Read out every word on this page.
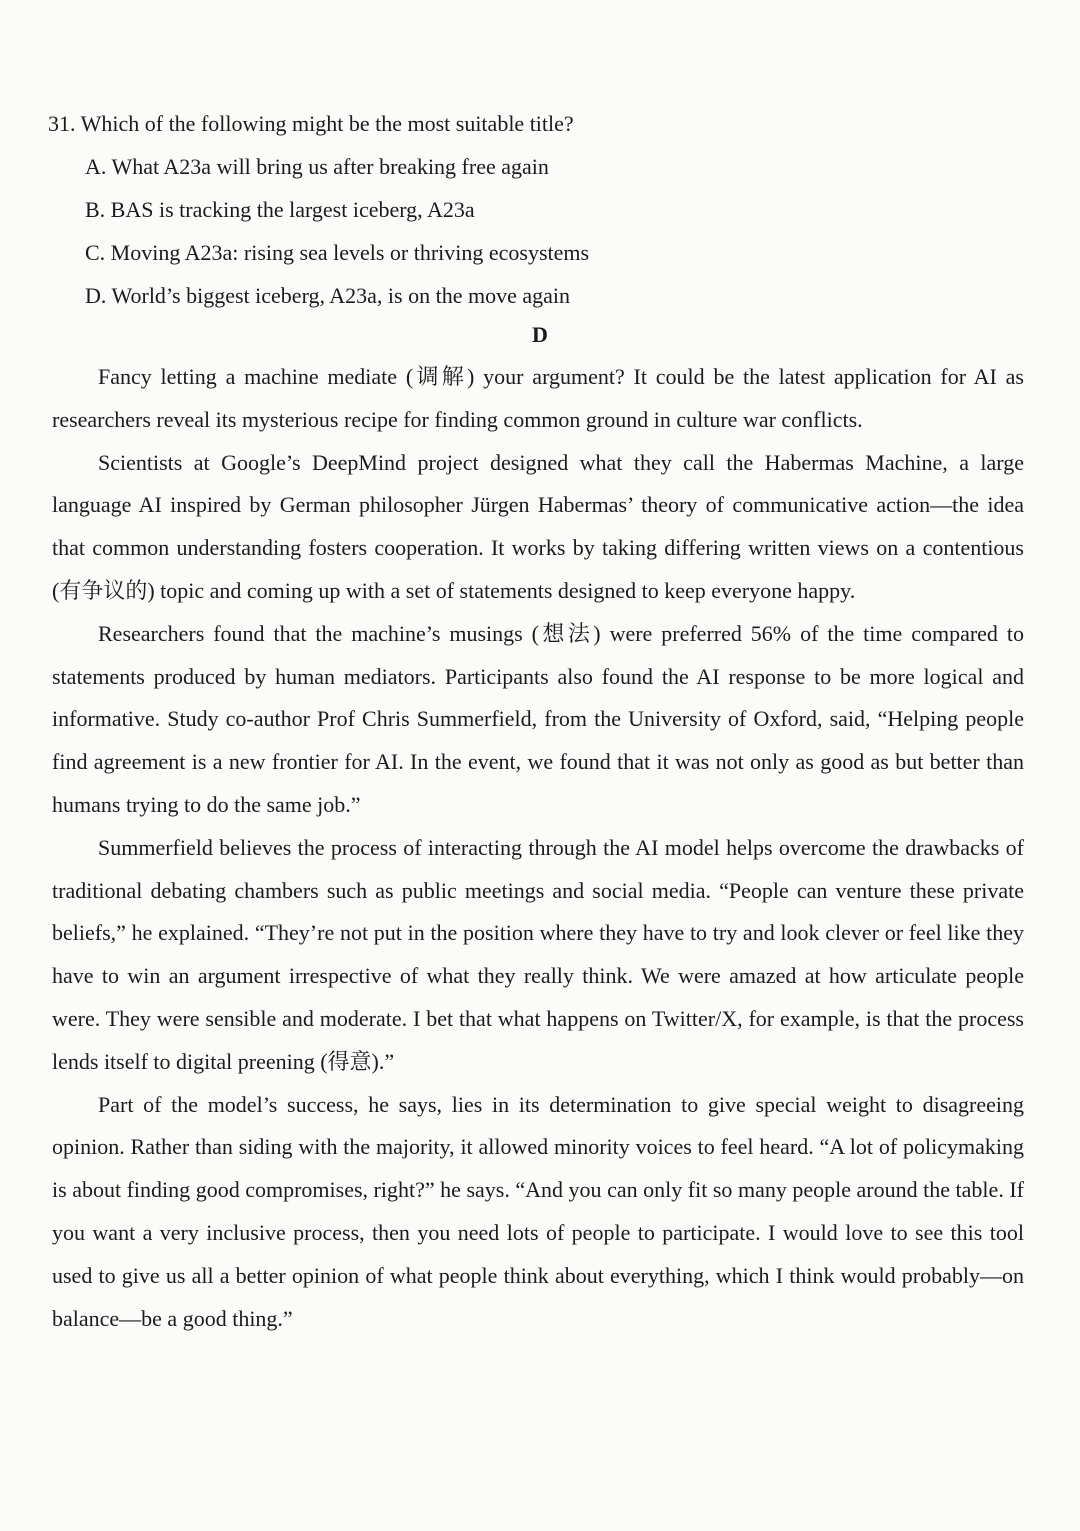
31. Which of the following might be the most suitable title?
A. What A23a will bring us after breaking free again
B. BAS is tracking the largest iceberg, A23a
C. Moving A23a: rising sea levels or thriving ecosystems
D. World’s biggest iceberg, A23a, is on the move again
D

Fancy letting a machine mediate (调解) your argument? It could be the latest application for AI as researchers reveal its mysterious recipe for finding common ground in culture war conflicts.

Scientists at Google’s DeepMind project designed what they call the Habermas Machine, a large language AI inspired by German philosopher Jürgen Habermas’ theory of communicative action—the idea that common understanding fosters cooperation. It works by taking differing written views on a contentious (有争议的) topic and coming up with a set of statements designed to keep everyone happy.

Researchers found that the machine’s musings (想法) were preferred 56% of the time compared to statements produced by human mediators. Participants also found the AI response to be more logical and informative. Study co-author Prof Chris Summerfield, from the University of Oxford, said, “Helping people find agreement is a new frontier for AI. In the event, we found that it was not only as good as but better than humans trying to do the same job.”

Summerfield believes the process of interacting through the AI model helps overcome the drawbacks of traditional debating chambers such as public meetings and social media. “People can venture these private beliefs,” he explained. “They’re not put in the position where they have to try and look clever or feel like they have to win an argument irrespective of what they really think. We were amazed at how articulate people were. They were sensible and moderate. I bet that what happens on Twitter/X, for example, is that the process lends itself to digital preening (得意).”

Part of the model’s success, he says, lies in its determination to give special weight to disagreeing opinion. Rather than siding with the majority, it allowed minority voices to feel heard. “A lot of policymaking is about finding good compromises, right?” he says. “And you can only fit so many people around the table. If you want a very inclusive process, then you need lots of people to participate. I would love to see this tool used to give us all a better opinion of what people think about everything, which I think would probably—on balance—be a good thing.”
